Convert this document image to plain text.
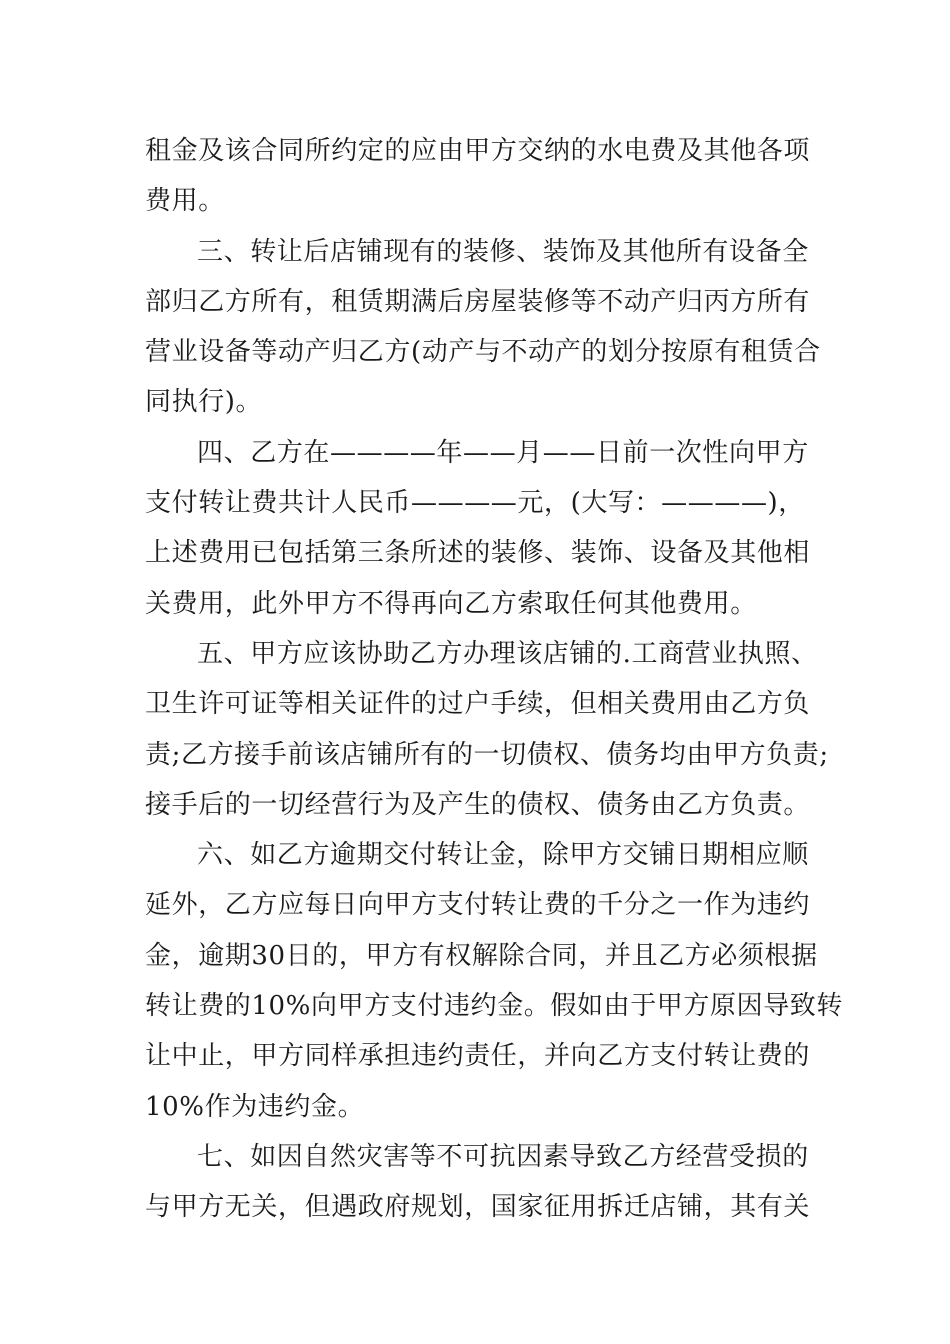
租金及该合同所约定的应由甲方交纳的水电费及其他各项
费用。
三、转让后店铺现有的装修、装饰及其他所有设备全
部归乙方所有，租赁期满后房屋装修等不动产归丙方所有
营业设备等动产归乙方(动产与不动产的划分按原有租赁合
同执行)。
四、乙方在————年——月——日前一次性向甲方
支付转让费共计人民币————元，(大写：————)，
上述费用已包括第三条所述的装修、装饰、设备及其他相
关费用，此外甲方不得再向乙方索取任何其他费用。
五、甲方应该协助乙方办理该店铺的.工商营业执照、
卫生许可证等相关证件的过户手续，但相关费用由乙方负
责;乙方接手前该店铺所有的一切债权、债务均由甲方负责;
接手后的一切经营行为及产生的债权、债务由乙方负责。
六、如乙方逾期交付转让金，除甲方交铺日期相应顺
延外，乙方应每日向甲方支付转让费的千分之一作为违约
金，逾期30日的，甲方有权解除合同，并且乙方必须根据
转让费的10%向甲方支付违约金。假如由于甲方原因导致转
让中止，甲方同样承担违约责任，并向乙方支付转让费的
10%作为违约金。
七、如因自然灾害等不可抗因素导致乙方经营受损的
与甲方无关，但遇政府规划，国家征用拆迁店铺，其有关
